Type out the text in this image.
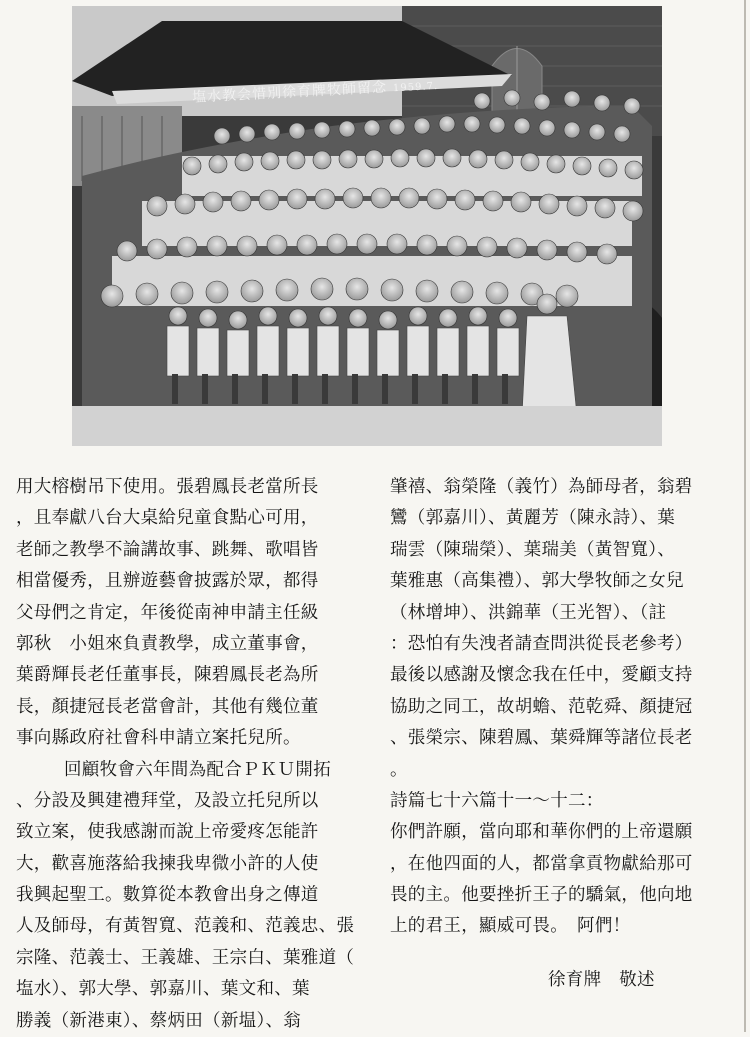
塩水教会惜別徐育牌牧師留念 1959.7.
用大榕樹吊下使用。張碧鳳長老當所長
，且奉獻八台大桌給兒童食點心可用，
老師之教學不論講故事、跳舞、歌唱皆
相當優秀，且辦遊藝會披露於眾，都得
父母們之肯定，年後從南神申請主任級
郭秋　小姐來負責教學，成立董事會，
葉爵輝長老任董事長，陳碧鳳長老為所
長，顏捷冠長老當會計，其他有幾位董
事向縣政府社會科申請立案托兒所。
回顧牧會六年間為配合ＰＫＵ開拓
、分設及興建禮拜堂，及設立托兒所以
致立案，使我感謝而說上帝愛疼怎能許
大，歡喜施落給我揀我卑微小許的人使
我興起聖工。數算從本教會出身之傳道
人及師母，有黃智寬、范義和、范義忠、張
宗隆、范義士、王義雄、王宗白、葉雅道（
塩水）、郭大學、郭嘉川、葉文和、葉
勝義（新港東）、蔡炳田（新塭）、翁
肇禧、翁榮隆（義竹）為師母者，翁碧
鸞（郭嘉川）、黃麗芳（陳永詩）、葉
瑞雲（陳瑞榮）、葉瑞美（黃智寬）、
葉雅惠（高集禮）、郭大學牧師之女兒
（林增坤）、洪錦華（王光智）、（註
：恐怕有失洩者請查問洪從長老參考）
最後以感謝及懷念我在任中，愛顧支持
協助之同工，故胡蟾、范乾舜、顏捷冠
、張榮宗、陳碧鳳、葉舜輝等諸位長老
。
詩篇七十六篇十一～十二：
你們許願，當向耶和華你們的上帝還願
，在他四面的人，都當拿貢物獻給那可
畏的主。他要挫折王子的驕氣，他向地
上的君王，顯威可畏。　阿們！
徐育牌　敬述
